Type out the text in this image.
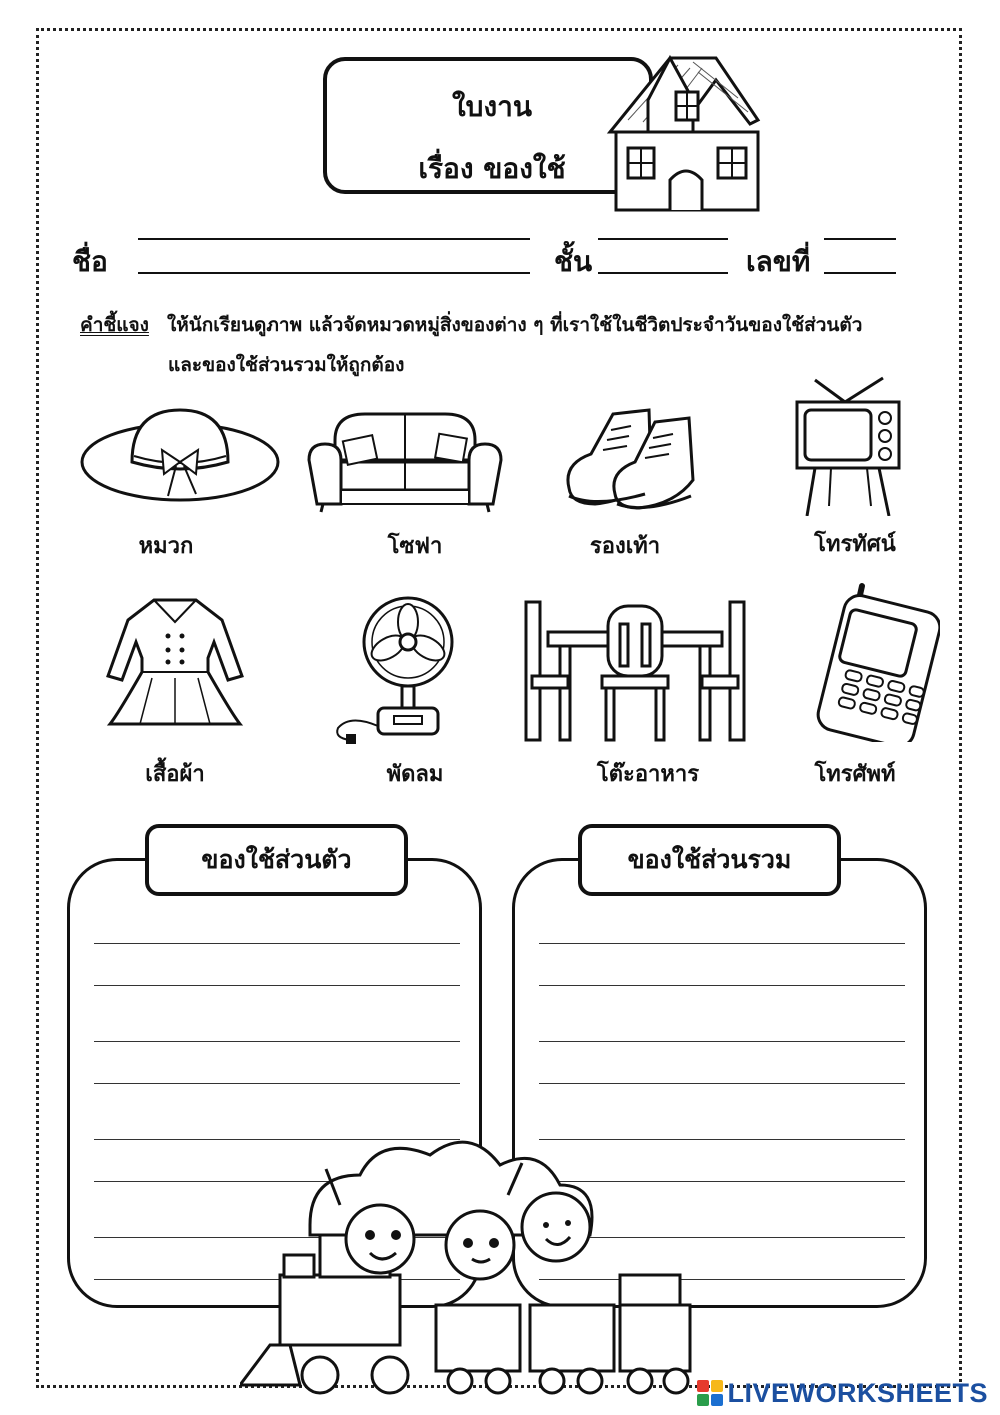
ใบงาน
เรื่อง ของใช้
ชื่อ	ชั้น	เลขที่
คำชี้แจง ให้นักเรียนดูภาพ แล้วจัดหมวดหมู่สิ่งของต่าง ๆ ที่เราใช้ในชีวิตประจำวันของใช้ส่วนตัว
และของใช้ส่วนรวมให้ถูกต้อง
หมวก	โซฟา	รองเท้า	โทรทัศน์
เสื้อผ้า	พัดลม	โต๊ะอาหาร	โทรศัพท์
ของใช้ส่วนตัว	ของใช้ส่วนรวม
LIVEWORKSHEETS
